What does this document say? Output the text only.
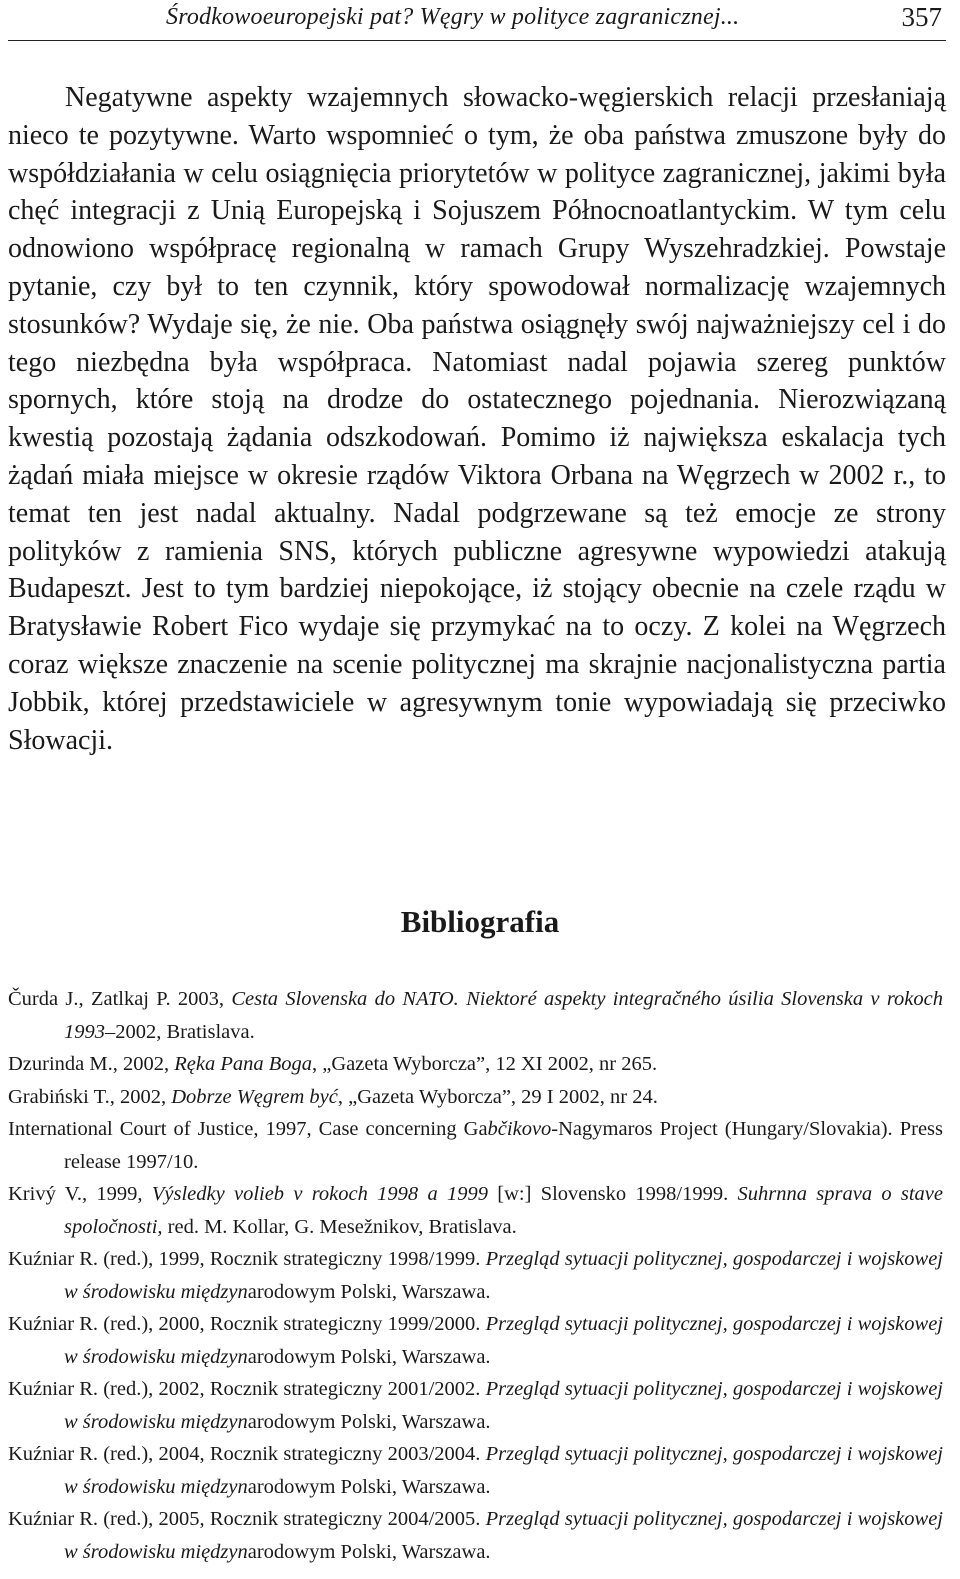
Środkowoeuropejski pat? Węgry w polityce zagranicznej...	357

Negatywne aspekty wzajemnych słowacko-węgierskich relacji przesłaniają nieco te pozytywne. Warto wspomnieć o tym, że oba państwa zmuszone były do współdziałania w celu osiągnięcia priorytetów w polityce zagranicznej, jakimi była chęć integracji z Unią Europejską i Sojuszem Północnoatlantyckim. W tym celu odnowiono współpracę regionalną w ramach Grupy Wyszehradzkiej. Powstaje pytanie, czy był to ten czynnik, który spowodował normalizację wzajemnych stosunków? Wydaje się, że nie. Oba państwa osiągnęły swój najważniejszy cel i do tego niezbędna była współpraca. Natomiast nadal pojawia szereg punktów spornych, które stoją na drodze do ostatecznego pojednania. Nierozwiązaną kwestią pozostają żądania odszkodowań. Pomimo iż największa eskalacja tych żądań miała miejsce w okresie rządów Viktora Orbana na Węgrzech w 2002 r., to temat ten jest nadal aktualny. Nadal podgrzewane są też emocje ze strony polityków z ramienia SNS, których publiczne agresywne wypowiedzi atakują Budapeszt. Jest to tym bardziej niepokojące, iż stojący obecnie na czele rządu w Bratysławie Robert Fico wydaje się przymykać na to oczy. Z kolei na Węgrzech coraz większe znaczenie na scenie politycznej ma skrajnie nacjonalistyczna partia Jobbik, której przedstawiciele w agresywnym tonie wypowiadają się przeciwko Słowacji.

Bibliografia
Čurda J., Zatlkaj P. 2003, Cesta Slovenska do NATO. Niektoré aspekty integračného úsilia Slovenska v rokoch 1993–2002, Bratislava.
Dzurinda M., 2002, Ręka Pana Boga, „Gazeta Wyborcza”, 12 XI 2002, nr 265.
Grabiński T., 2002, Dobrze Węgrem być, „Gazeta Wyborcza”, 29 I 2002, nr 24.
International Court of Justice, 1997, Case concerning Gabčikovo-Nagymaros Project (Hungary/Slovakia). Press release 1997/10.
Krivý V., 1999, Výsledky volieb v rokoch 1998 a 1999 [w:] Slovensko 1998/1999. Suhrnna sprava o stave spoločnosti, red. M. Kollar, G. Mesežnikov, Bratislava.
Kuźniar R. (red.), 1999, Rocznik strategiczny 1998/1999. Przegląd sytuacji politycznej, gospodarczej i wojskowej w środowisku międzynarodowym Polski, Warszawa.
Kuźniar R. (red.), 2000, Rocznik strategiczny 1999/2000. Przegląd sytuacji politycznej, gospodarczej i wojskowej w środowisku międzynarodowym Polski, Warszawa.
Kuźniar R. (red.), 2002, Rocznik strategiczny 2001/2002. Przegląd sytuacji politycznej, gospodarczej i wojskowej w środowisku międzynarodowym Polski, Warszawa.
Kuźniar R. (red.), 2004, Rocznik strategiczny 2003/2004. Przegląd sytuacji politycznej, gospodarczej i wojskowej w środowisku międzynarodowym Polski, Warszawa.
Kuźniar R. (red.), 2005, Rocznik strategiczny 2004/2005. Przegląd sytuacji politycznej, gospodarczej i wojskowej w środowisku międzynarodowym Polski, Warszawa.
